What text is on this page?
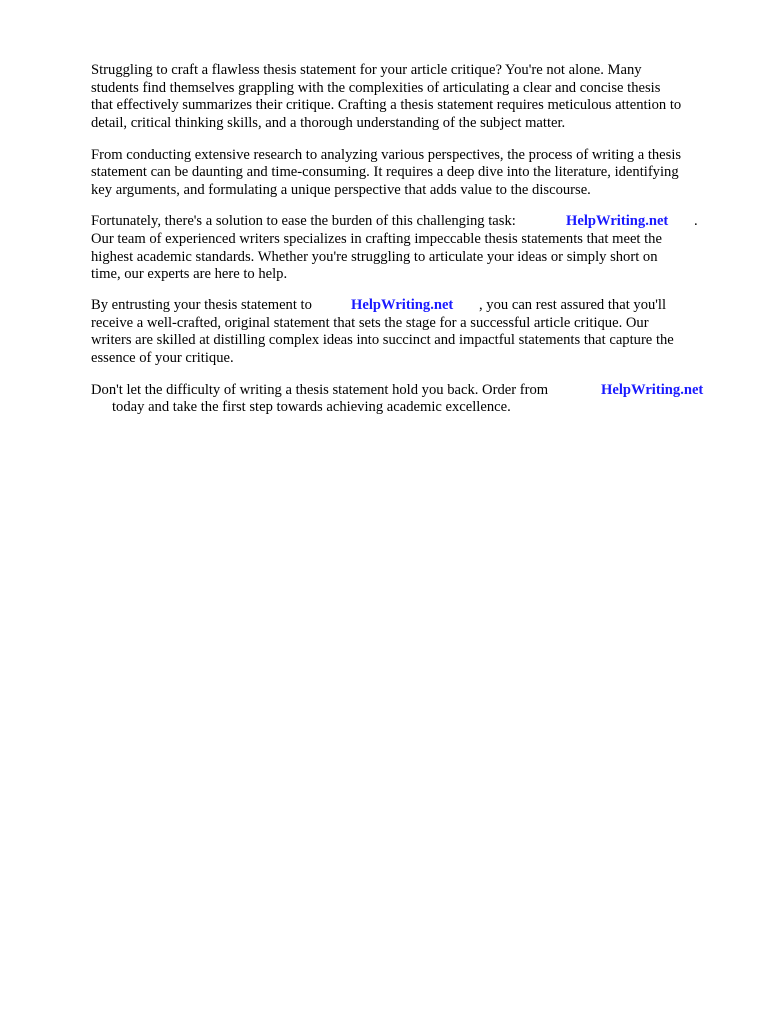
Struggling to craft a flawless thesis statement for your article critique? You're not alone. Many
students find themselves grappling with the complexities of articulating a clear and concise thesis
that effectively summarizes their critique. Crafting a thesis statement requires meticulous attention to
detail, critical thinking skills, and a thorough understanding of the subject matter.
From conducting extensive research to analyzing various perspectives, the process of writing a thesis
statement can be daunting and time-consuming. It requires a deep dive into the literature, identifying
key arguments, and formulating a unique perspective that adds value to the discourse.
Fortunately, there's a solution to ease the burden of this challenging task:	HelpWriting.net .
Our team of experienced writers specializes in crafting impeccable thesis statements that meet the
highest academic standards. Whether you're struggling to articulate your ideas or simply short on
time, our experts are here to help.
By entrusting your thesis statement to	HelpWriting.net , you can rest assured that you'll
receive a well-crafted, original statement that sets the stage for a successful article critique. Our
writers are skilled at distilling complex ideas into succinct and impactful statements that capture the
essence of your critique.
Don't let the difficulty of writing a thesis statement hold you back. Order from	HelpWriting.net
today and take the first step towards achieving academic excellence.
